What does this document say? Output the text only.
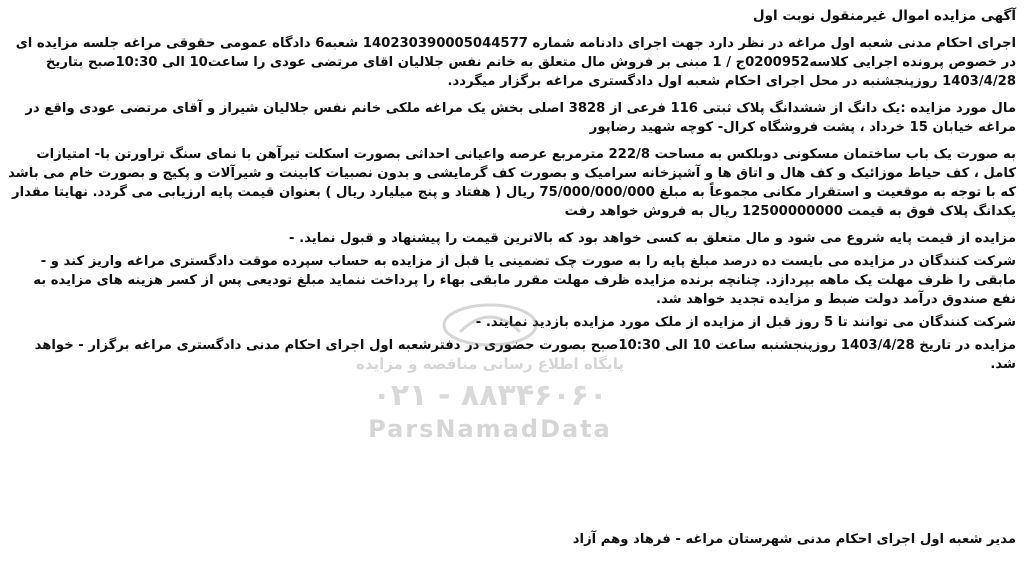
آگهی مزایده اموال غیرمنقول نوبت اول
اجرای احکام مدنی شعبه اول مراغه در نظر دارد جهت اجرای دادنامه شماره 140230390005044577 شعبه6 دادگاه عمومی حقوقی مراغه جلسه مزایده ای در خصوص پرونده اجرایی کلاسه0200952ج / 1 مبنی بر فروش مال متعلق به خانم نفس جلالیان اقای مرتضی عودی را ساعت10 الی 10:30صبح بتاریخ 1403/4/28 روزپنجشنبه در محل اجرای احکام شعبه اول دادگستری مراغه برگزار میگردد.
مال مورد مزایده :یک دانگ از ششدانگ پلاک ثبتی 116 فرعی از 3828 اصلی بخش یک مراغه ملکی خانم نفس جلالیان شیراز و آقای مرتضی عودی واقع در مراغه خیابان 15 خرداد ، پشت فروشگاه کرال- کوچه شهید رضاپور
به صورت یک باب ساختمان مسکونی دوبلکس به مساحت 222/8 مترمربع عرصه واعیانی احداثی بصورت اسکلت تیرآهن با نمای سنگ تراورتن با- امتیازات کامل ، کف حیاط موزائیک و کف هال و اتاق ها و آشپزخانه سرامیک و بصورت کف گرمایشی و بدون نصبیات کابینت و شیرآلات و پکیج و بصورت خام می باشد که با توجه به موقعیت و استقرار مکانی مجموعاً به مبلغ 75/000/000/000 ریال ( هفتاد و پنج میلیارد ریال ) بعنوان قیمت پایه ارزیابی می گردد. نهایتا مقدار یکدانگ پلاک فوق به قیمت 12500000000 ریال به فروش خواهد رفت
مزایده از قیمت پایه شروع می شود و مال متعلق به کسی خواهد بود که بالاترین قیمت را پیشنهاد و قبول نماید. -
شرکت کنندگان در مزایده می بایست ده درصد مبلغ پایه را به صورت چک تضمینی یا قبل از مزایده به حساب سپرده موقت دادگستری مراغه واریز کند و - مابقی را ظرف مهلت یک ماهه بپردازد. چنانچه برنده مزایده ظرف مهلت مقرر مابقی بهاء را پرداخت ننماید مبلغ تودیعی پس از کسر هزینه های مزایده به نفع صندوق درآمد دولت ضبط و مزایده تجدید خواهد شد.
شرکت کنندگان می توانند تا 5 روز قبل از مزایده از ملک مورد مزایده بازدید نمایند. -
مزایده در تاریخ 1403/4/28 روزپنجشنبه ساعت 10 الی 10:30صبح بصورت حضوری در دفترشعبه اول اجرای احکام مدنی دادگستری مراغه برگزار - خواهد شد.
پایگاه اطلاع رسانی مناقصه و مزایده
۰۲۱ - ۸۸۳۴۶۰۶۰
ParsNamadData
مدیر شعبه اول اجرای احکام مدنی شهرستان مراغه - فرهاد وهم آزاد
